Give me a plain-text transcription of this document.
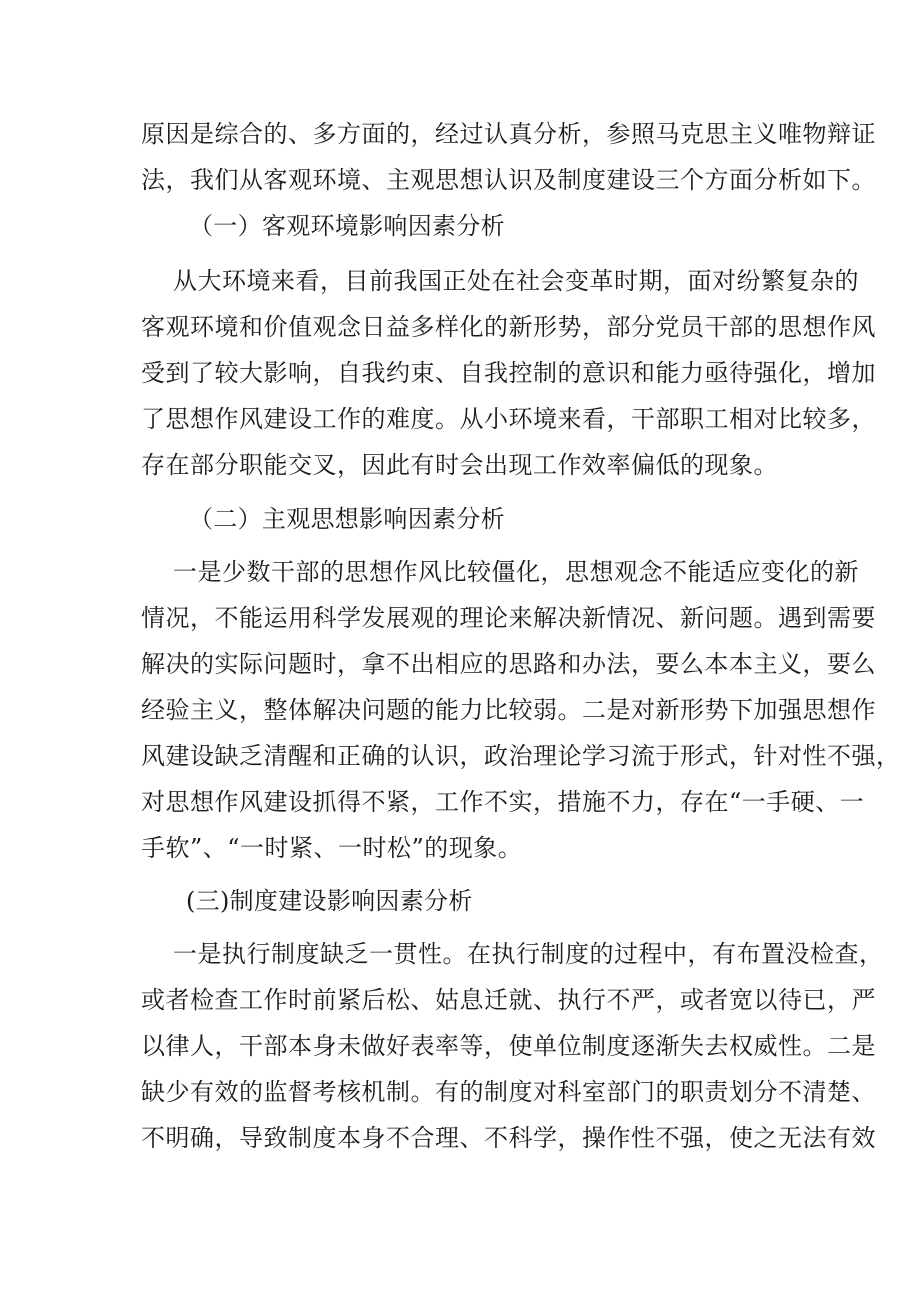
原因是综合的、多方面的，经过认真分析，参照马克思主义唯物辩证
法，我们从客观环境、主观思想认识及制度建设三个方面分析如下。
（一）客观环境影响因素分析
从大环境来看，目前我国正处在社会变革时期，面对纷繁复杂的
客观环境和价值观念日益多样化的新形势，部分党员干部的思想作风
受到了较大影响，自我约束、自我控制的意识和能力亟待强化，增加
了思想作风建设工作的难度。从小环境来看，干部职工相对比较多，
存在部分职能交叉，因此有时会出现工作效率偏低的现象。
（二）主观思想影响因素分析
一是少数干部的思想作风比较僵化，思想观念不能适应变化的新
情况，不能运用科学发展观的理论来解决新情况、新问题。遇到需要
解决的实际问题时，拿不出相应的思路和办法，要么本本主义，要么
经验主义，整体解决问题的能力比较弱。二是对新形势下加强思想作
风建设缺乏清醒和正确的认识，政治理论学习流于形式，针对性不强，
对思想作风建设抓得不紧，工作不实，措施不力，存在“一手硬、一
手软”、“一时紧、一时松”的现象。
(三)制度建设影响因素分析
一是执行制度缺乏一贯性。在执行制度的过程中，有布置没检查，
或者检查工作时前紧后松、姑息迁就、执行不严，或者宽以待已，严
以律人，干部本身未做好表率等，使单位制度逐渐失去权威性。二是
缺少有效的监督考核机制。有的制度对科室部门的职责划分不清楚、
不明确，导致制度本身不合理、不科学，操作性不强，使之无法有效
